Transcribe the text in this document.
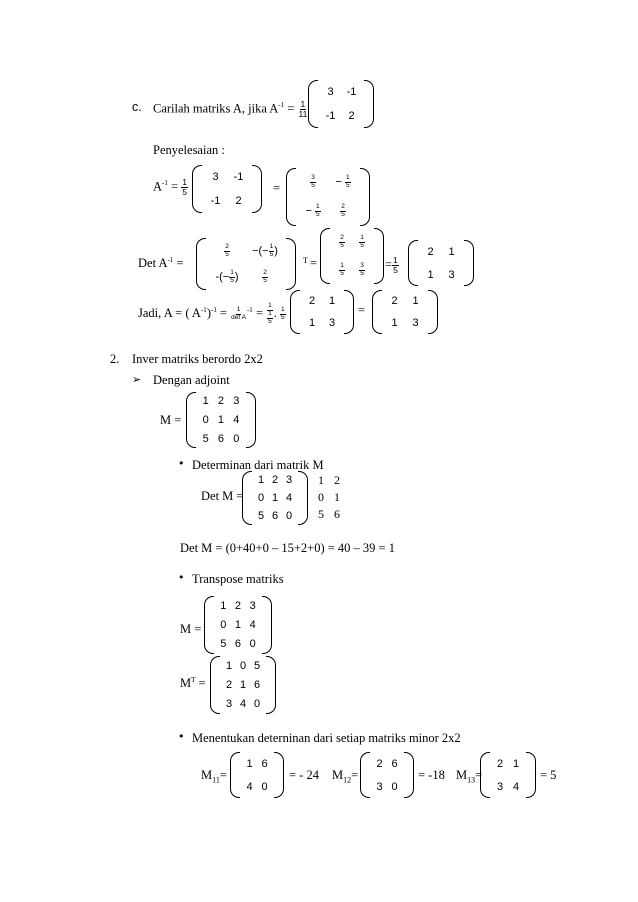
c. Carilah matriks A, jika $A^{-1} = \frac{1}{11}$
3 -1
-1 2
Penyelesaian :
$A^{-1} = \frac{1}{5}$
3 -1
-1 2
=	$\frac{3}{5} - \frac{1}{5}$
− $\frac{1}{5}$	$\frac{2}{5}$
Det $A^{-1}$ =
$\frac{2}{5}$ −(− $\frac{1}{5}$ )
-(− $\frac{1}{5}$ )	$\frac{2}{5}$
T =
$\frac{2}{5} \frac{1}{5}$
$\frac{1}{5} \frac{3}{5} = \frac{1}{5}$
2 1
1 3
Jadi, A = ( $A^{-1})^{-1} = \frac{1}{\text{det A}} ^{-1} = \frac{1}{\frac{1}{5}}$ . $\frac{1}{5}$
2 1
1 3
=
2 1
1 3
2. Inver matriks berordo 2x2
➢ Dengan adjoint
M =
1 2 3
0 1 4
5 6 0
• Determinan dari matrik M
Det M =
1 2 3
0 1 4
5 6 0
1 2
0 1
5 6
Det M = (0+40+0 – 15+2+0) = 40 – 39 = 1
• Transpose matriks
M =
1 2 3
0 1 4
5 6 0
$M^T$ =
1 0 5
2 1 6
3 4 0
• Menentukan deterninan dari setiap matriks minor 2x2
$M_{11}=$
1 6
4 0
= - 24 $M_{12}=$
2 6
3 0
= -18 $M_{13}=$
2 1
3 4
= 5
